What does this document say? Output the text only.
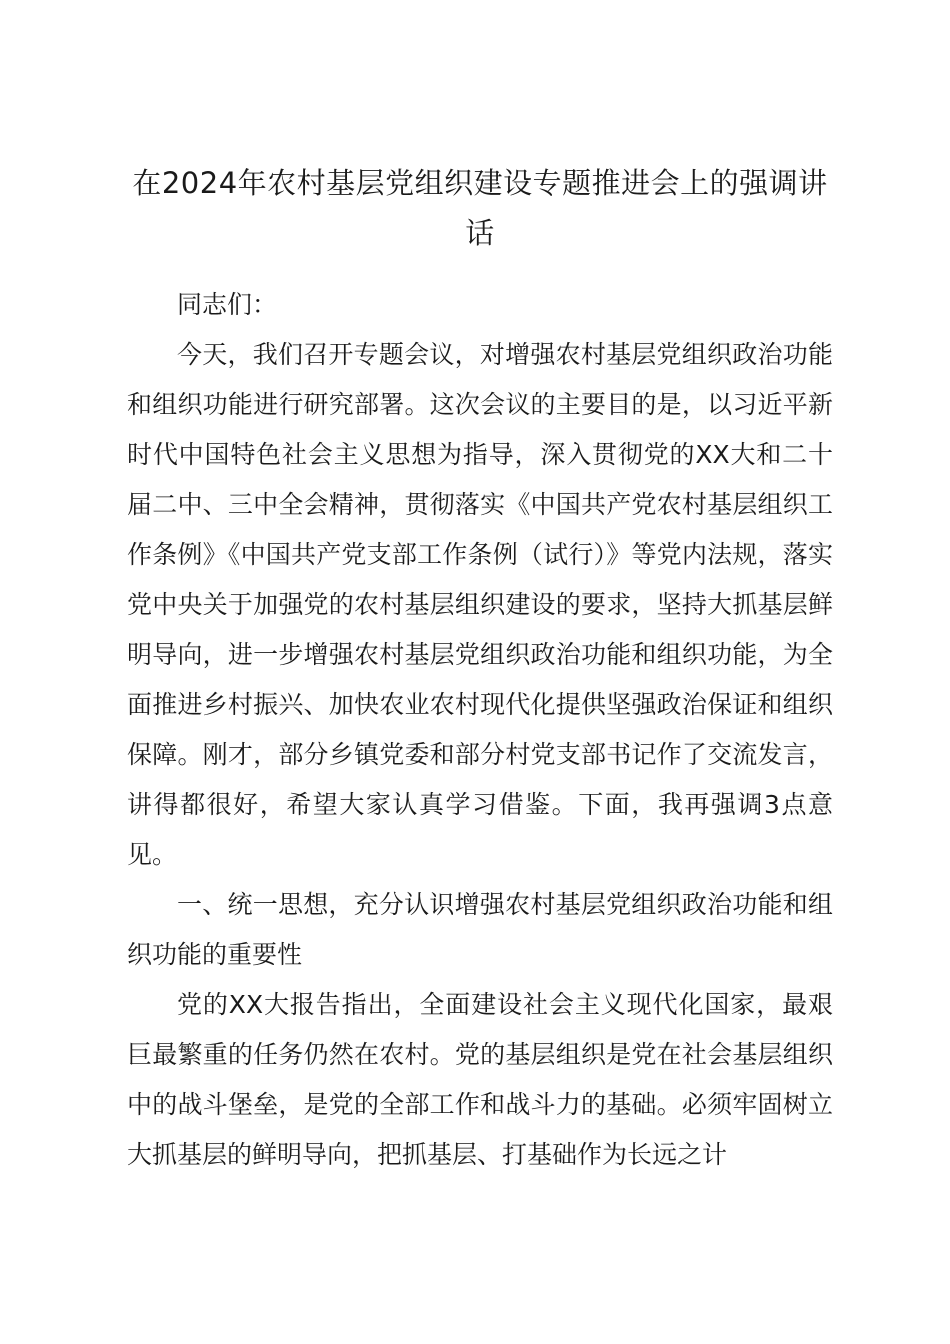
在2024年农村基层党组织建设专题推进会上的强调讲话

同志们：

今天，我们召开专题会议，对增强农村基层党组织政治功能和组织功能进行研究部署。这次会议的主要目的是，以习近平新时代中国特色社会主义思想为指导，深入贯彻党的XX大和二十届二中、三中全会精神，贯彻落实《中国共产党农村基层组织工作条例》《中国共产党支部工作条例（试行）》等党内法规，落实党中央关于加强党的农村基层组织建设的要求，坚持大抓基层鲜明导向，进一步增强农村基层党组织政治功能和组织功能，为全面推进乡村振兴、加快农业农村现代化提供坚强政治保证和组织保障。刚才，部分乡镇党委和部分村党支部书记作了交流发言，讲得都很好，希望大家认真学习借鉴。下面，我再强调3点意见。

一、统一思想，充分认识增强农村基层党组织政治功能和组织功能的重要性

党的XX大报告指出，全面建设社会主义现代化国家，最艰巨最繁重的任务仍然在农村。党的基层组织是党在社会基层组织中的战斗堡垒，是党的全部工作和战斗力的基础。必须牢固树立大抓基层的鲜明导向，把抓基层、打基础作为长远之计
